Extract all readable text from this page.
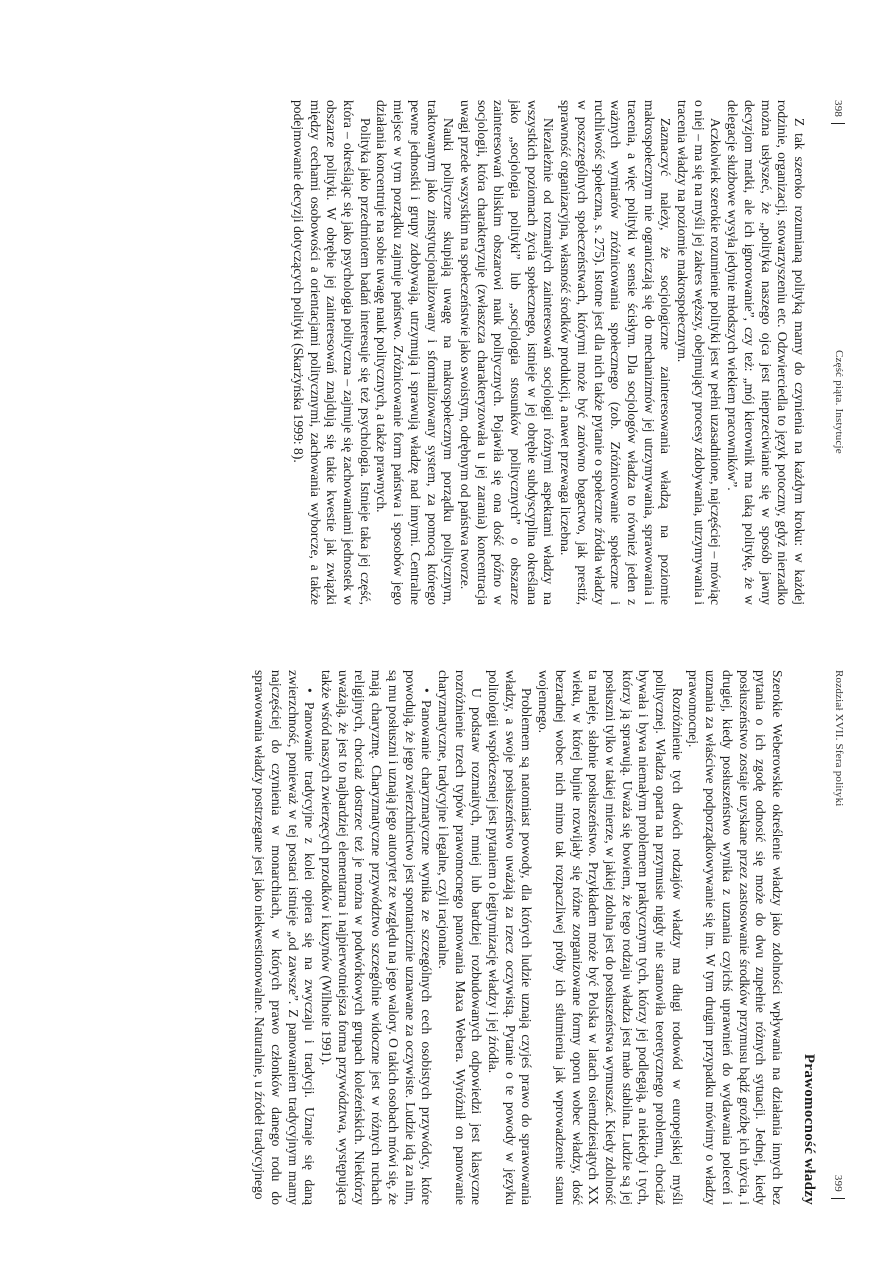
398
Część piąta. Instytucje

Z tak szeroko rozumianą polityką mamy do czynienia na każdym kroku: w każdej rodzinie, organizacji, stowarzyszeniu etc. Odzwierciedla to język potoczny, gdyż nierzadko można usłyszeć, że „polityka naszego ojca jest nieprzeciwianie się w sposób jawny decyzjom matki, ale ich ignorowanie”, czy też: „mój kierownik ma taką politykę, że w delegacje służbowe wysyła jedynie młodszych wiekiem pracowników”.

Aczkolwiek szerokie rozumienie polityki jest w pełni uzasadnione, najczęściej – mówiąc o niej – ma się na myśli jej zakres węższy, obejmujący procesy zdobywania, utrzymywania i tracenia władzy na poziomie makrospołecznym.

Zaznaczyć należy, że socjologiczne zainteresowania władzą na poziomie makrospołecznym nie ograniczają się do mechanizmów jej utrzymywania, sprawowania i tracenia, a więc polityki w sensie ścisłym. Dla socjologów władza to również jeden z ważnych wymiarów zróżnicowania społecznego (zob. Zróżnicowanie społeczne i ruchliwość społeczna, s. 275). Istotne jest dla nich także pytanie o społeczne źródła władzy w poszczególnych społeczeństwach, którymi może być zarówno bogactwo, jak prestiż, sprawność organizacyjna, własność środków produkcji, a nawet przewaga liczebna.

Niezależnie od rozmaitych zainteresowań socjologii różnymi aspektami władzy na wszystkich poziomach życia społecznego, istnieje w jej obrębie subdyscyplina określana jako „socjologia polityki” lub „socjologia stosunków politycznych” o obszarze zainteresowań bliskim obszarowi nauk politycznych. Pojawiła się ona dość późno w socjologii, która charakteryzuje (zwłaszcza charakteryzowała u jej zarania) koncentracja uwagi przede wszystkim na społeczeństwie jako swoistym, odrębnym od państwa tworze.

Nauki polityczne skupiają uwagę na makrospołecznym porządku politycznym, traktowanym jako zinstytucjonalizowany i sformalizowany system, za pomocą którego pewne jednostki i grupy zdobywają, utrzymują i sprawują władzę nad innymi. Centralne miejsce w tym porządku zajmuje państwo. Zróżnicowanie form państwa i sposobów jego działania koncentruje na sobie uwagę nauk politycznych, a także prawnych.

Polityka jako przedmiotem badań interesuje się też psychologia. Istnieje taka jej część, która – określając się jako psychologia polityczna – zajmuje się zachowaniami jednostek w obszarze polityki. W obrębie jej zainteresowań znajdują się takie kwestie jak związki między cechami osobowości a orientacjami politycznymi, zachowania wyborcze, a także podejmowanie decyzji dotyczących polityki (Skarżyńska 1999: 8).

Rozdział XVII. Sfera polityki
399
Prawomocność władzy

Szerokie Weberowskie określenie władzy jako zdolności wpływania na działania innych bez pytania o ich zgodę odnosić się może do dwu zupełnie różnych sytuacji. Jednej, kiedy posłuszeństwo zostaje uzyskane przez zastosowanie środków przymusu bądź groźbę ich użycia, i drugiej, kiedy posłuszeństwo wynika z uznania czyichś uprawnień do wydawania poleceń i uznania za właściwe podporządkowywanie się im. W tym drugim przypadku mówimy o władzy prawomocnej.

Rozróżnienie tych dwóch rodzajów władzy ma długi rodowód w europejskiej myśli politycznej. Władza oparta na przymusie nigdy nie stanowiła teoretycznego problemu, chociaż bywała i bywa niemałym problemem praktycznym tych, którzy jej podlegają, a niekiedy i tych, którzy ją sprawują. Uważa się bowiem, że tego rodzaju władza jest mało stabilna. Ludzie są jej posłuszni tylko w takiej mierze, w jakiej zdolna jest do posłuszeństwa wymuszać. Kiedy zdolność ta maleje, słabnie posłuszeństwo. Przykładem może być Polska w latach osiemdziesiątych XX wieku, w której bujnie rozwijały się różne zorganizowane formy oporu wobec władzy, dość bezradnej wobec nich mimo tak rozpaczliwej próby ich stłumienia jak wprowadzenie stanu wojennego.

Problemem są natomiast powody, dla których ludzie uznają czyjeś prawo do sprawowania władzy, a swoje posłuszeństwo uważają za rzecz oczywistą. Pytanie o te powody w języku politologii współczesnej jest pytaniem o legitymizację władzy i jej źródła.

U podstaw rozmaitych, mniej lub bardziej rozbudowanych odpowiedzi jest klasyczne rozróżnienie trzech typów prawomocnego panowania Maxa Webera. Wyróżnił on panowanie charyzmatyczne, tradycyjne i legalne, czyli racjonalne.

• Panowanie charyzmatyczne wynika ze szczególnych cech osobistych przywódcy, które powodują, że jego zwierzchnictwo jest spontanicznie uznawane za oczywiste. Ludzie idą za nim, są mu posłuszni i uznają jego autorytet ze względu na jego walory. O takich osobach mówi się, że mają charyzmę. Charyzmatyczne przywództwo szczególnie widoczne jest w różnych ruchach religijnych, chociaż dostrzec też je można w podwórkowych grupach koleżeńskich. Niektórzy uważają, że jest to najbardziej elementarna i najpierwotniejsza forma przywództwa, występująca także wśród naszych zwierzęcych przodków i kuzynów (Wilhoite 1991).

• Panowanie tradycyjne z kolei opiera się na zwyczaju i tradycji. Uznaje się daną zwierzchność, ponieważ w tej postaci istnieje „od zawsze”. Z panowaniem tradycyjnym mamy najczęściej do czynienia w monarchiach, w których prawo członków danego rodu do sprawowania władzy postrzegane jest jako niekwestionowalne. Naturalnie, u źródeł tradycyjnego
